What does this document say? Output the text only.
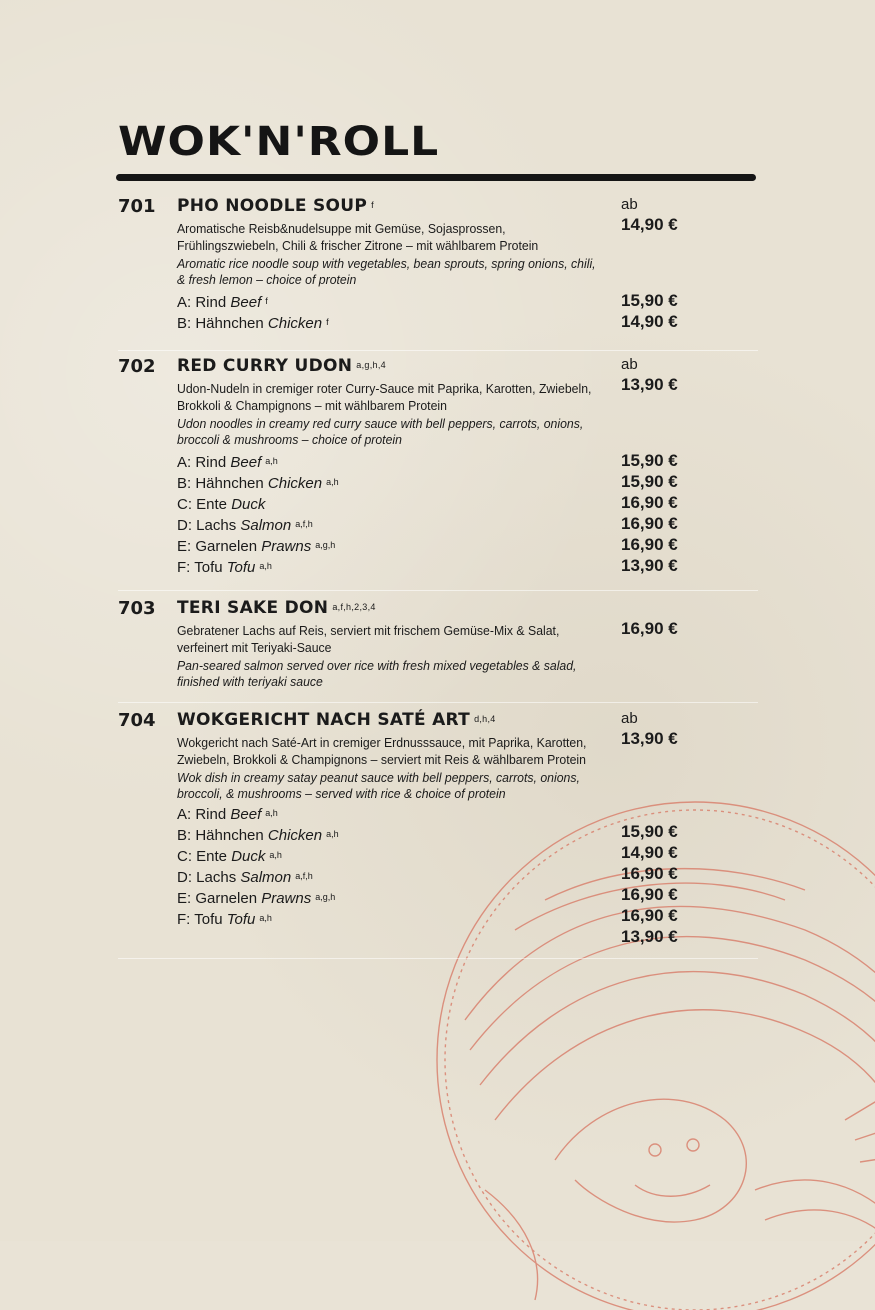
WOK'N'ROLL
701 PHO NOODLE SOUP $^f$
Aromatische Reisb&nudelsuppe mit Gemüse, Sojasprossen, Frühlingszwiebeln, Chili & frischer Zitrone – mit wählbarem Protein
Aromatic rice noodle soup with vegetables, bean sprouts, spring onions, chili, & fresh lemon – choice of protein
A: Rind Beef $^f$
B: Hähnchen Chicken $^f$
ab
14,90 €
15,90 €
14,90 €
702 RED CURRY UDON $^{a,g,h,4}$
Udon-Nudeln in cremiger roter Curry-Sauce mit Paprika, Karotten, Zwiebeln, Brokkoli & Champignons – mit wählbarem Protein
Udon noodles in creamy red curry sauce with bell peppers, carrots, onions, broccoli & mushrooms – choice of protein
A: Rind Beef $^{a,h}$
B: Hähnchen Chicken $^{a,h}$
C: Ente Duck
D: Lachs Salmon $^{a,f,h}$
E: Garnelen Prawns $^{a,g,h}$
F: Tofu Tofu $^{a,h}$
ab
13,90 €
15,90 €
15,90 €
16,90 €
16,90 €
16,90 €
13,90 €
703 TERI SAKE DON $^{a,f,h,2,3,4}$
Gebratener Lachs auf Reis, serviert mit frischem Gemüse-Mix & Salat, verfeinert mit Teriyaki-Sauce
Pan-seared salmon served over rice with fresh mixed vegetables & salad, finished with teriyaki sauce
16,90 €
704 WOKGERICHT NACH SATÉ ART $^{d,h,4}$
Wokgericht nach Saté-Art in cremiger Erdnusssauce, mit Paprika, Karotten, Zwiebeln, Brokkoli & Champignons – serviert mit Reis & wählbarem Protein
Wok dish in creamy satay peanut sauce with bell peppers, carrots, onions, broccoli, & mushrooms – served with rice & choice of protein
A: Rind Beef $^{a,h}$
B: Hähnchen Chicken $^{a,h}$
C: Ente Duck $^{a,h}$
D: Lachs Salmon $^{a,f,h}$
E: Garnelen Prawns $^{a,g,h}$
F: Tofu Tofu $^{a,h}$
ab
13,90 €
15,90 €
14,90 €
16,90 €
16,90 €
16,90 €
13,90 €
